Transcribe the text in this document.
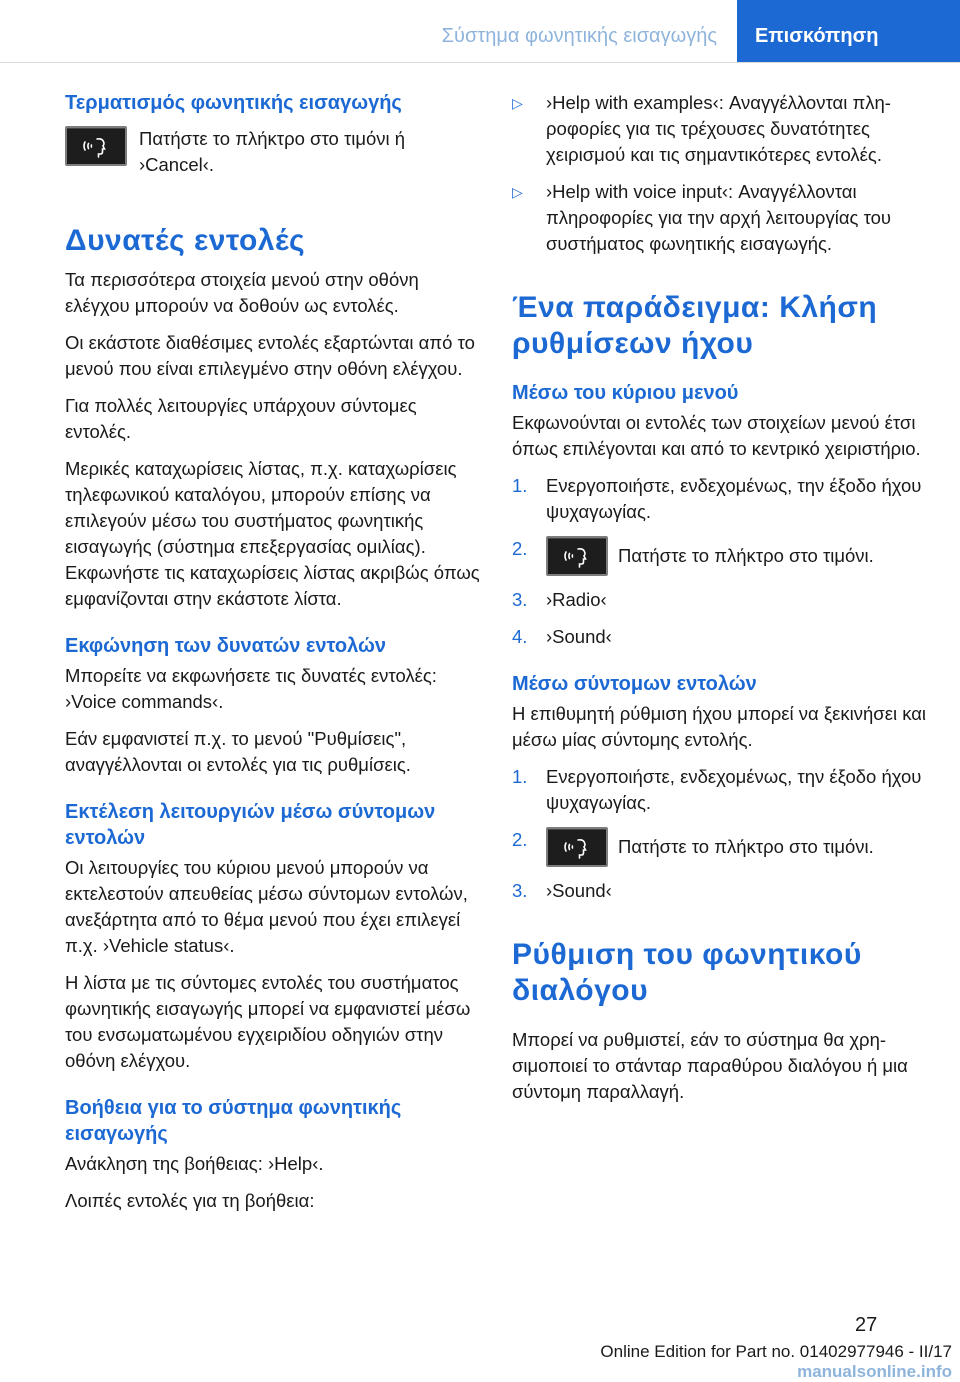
Σύστημα φωνητικής εισαγωγής	Επισκόπηση
Τερματισμός φωνητικής εισαγωγής

Πατήστε το πλήκτρο στο τιμόνι ή ›Cancel‹.

Δυνατές εντολές

Τα περισσότερα στοιχεία μενού στην οθόνη ελέγχου μπορούν να δοθούν ως εντολές.

Οι εκάστοτε διαθέσιμες εντολές εξαρτώνται από το μενού που είναι επιλεγμένο στην οθόνη ελέγχου.

Για πολλές λειτουργίες υπάρχουν σύντομες εντολές.

Μερικές καταχωρίσεις λίστας, π.χ. καταχωρίσεις τηλεφωνικού καταλόγου, μπορούν επίσης να επιλεγούν μέσω του συστήματος φωνητικής εισαγωγής (σύστημα επεξεργασίας ομιλίας). Εκφωνήστε τις καταχωρίσεις λίστας ακριβώς όπως εμφανίζονται στην εκάστοτε λίστα.

Εκφώνηση των δυνατών εντολών

Μπορείτε να εκφωνήσετε τις δυνατές εντολές: ›Voice commands‹.

Εάν εμφανιστεί π.χ. το μενού "Ρυθμίσεις", αναγγέλλονται οι εντολές για τις ρυθμίσεις.

Εκτέλεση λειτουργιών μέσω σύντομων εντολών

Οι λειτουργίες του κύριου μενού μπορούν να εκτελεστούν απευθείας μέσω σύντομων εντολών, ανεξάρτητα από το θέμα μενού που έχει επιλεγεί π.χ. ›Vehicle status‹.

Η λίστα με τις σύντομες εντολές του συστήματος φωνητικής εισαγωγής μπορεί να εμφανιστεί μέσω του ενσωματωμένου εγχειριδίου οδηγιών στην οθόνη ελέγχου.

Βοήθεια για το σύστημα φωνητικής εισαγωγής

Ανάκληση της βοήθειας: ›Help‹.

Λοιπές εντολές για τη βοήθεια:

▷	›Help with examples‹: Αναγγέλλονται πληροφορίες για τις τρέχουσες δυνατότητες χειρισμού και τις σημαντικότερες εντολές.
▷	›Help with voice input‹: Αναγγέλλονται πληροφορίες για την αρχή λειτουργίας του συστήματος φωνητικής εισαγωγής.
Ένα παράδειγμα: Κλήση ρυθμίσεων ήχου
Μέσω του κύριου μενού

Εκφωνούνται οι εντολές των στοιχείων μενού έτσι όπως επιλέγονται και από το κεντρικό χειριστήριο.

1.	Ενεργοποιήστε, ενδεχομένως, την έξοδο ήχου ψυχαγωγίας.
2.	Πατήστε το πλήκτρο στο τιμόνι.
3.	›Radio‹
4.	›Sound‹
Μέσω σύντομων εντολών

Η επιθυμητή ρύθμιση ήχου μπορεί να ξεκινήσει και μέσω μίας σύντομης εντολής.

1.	Ενεργοποιήστε, ενδεχομένως, την έξοδο ήχου ψυχαγωγίας.
2.	Πατήστε το πλήκτρο στο τιμόνι.
3.	›Sound‹
Ρύθμιση του φωνητικού διαλόγου

Μπορεί να ρυθμιστεί, εάν το σύστημα θα χρησιμοποιεί το στάνταρ παραθύρου διαλόγου ή μια σύντομη παραλλαγή.

27
Online Edition for Part no. 01402977946 - II/17 manualsonline.info
